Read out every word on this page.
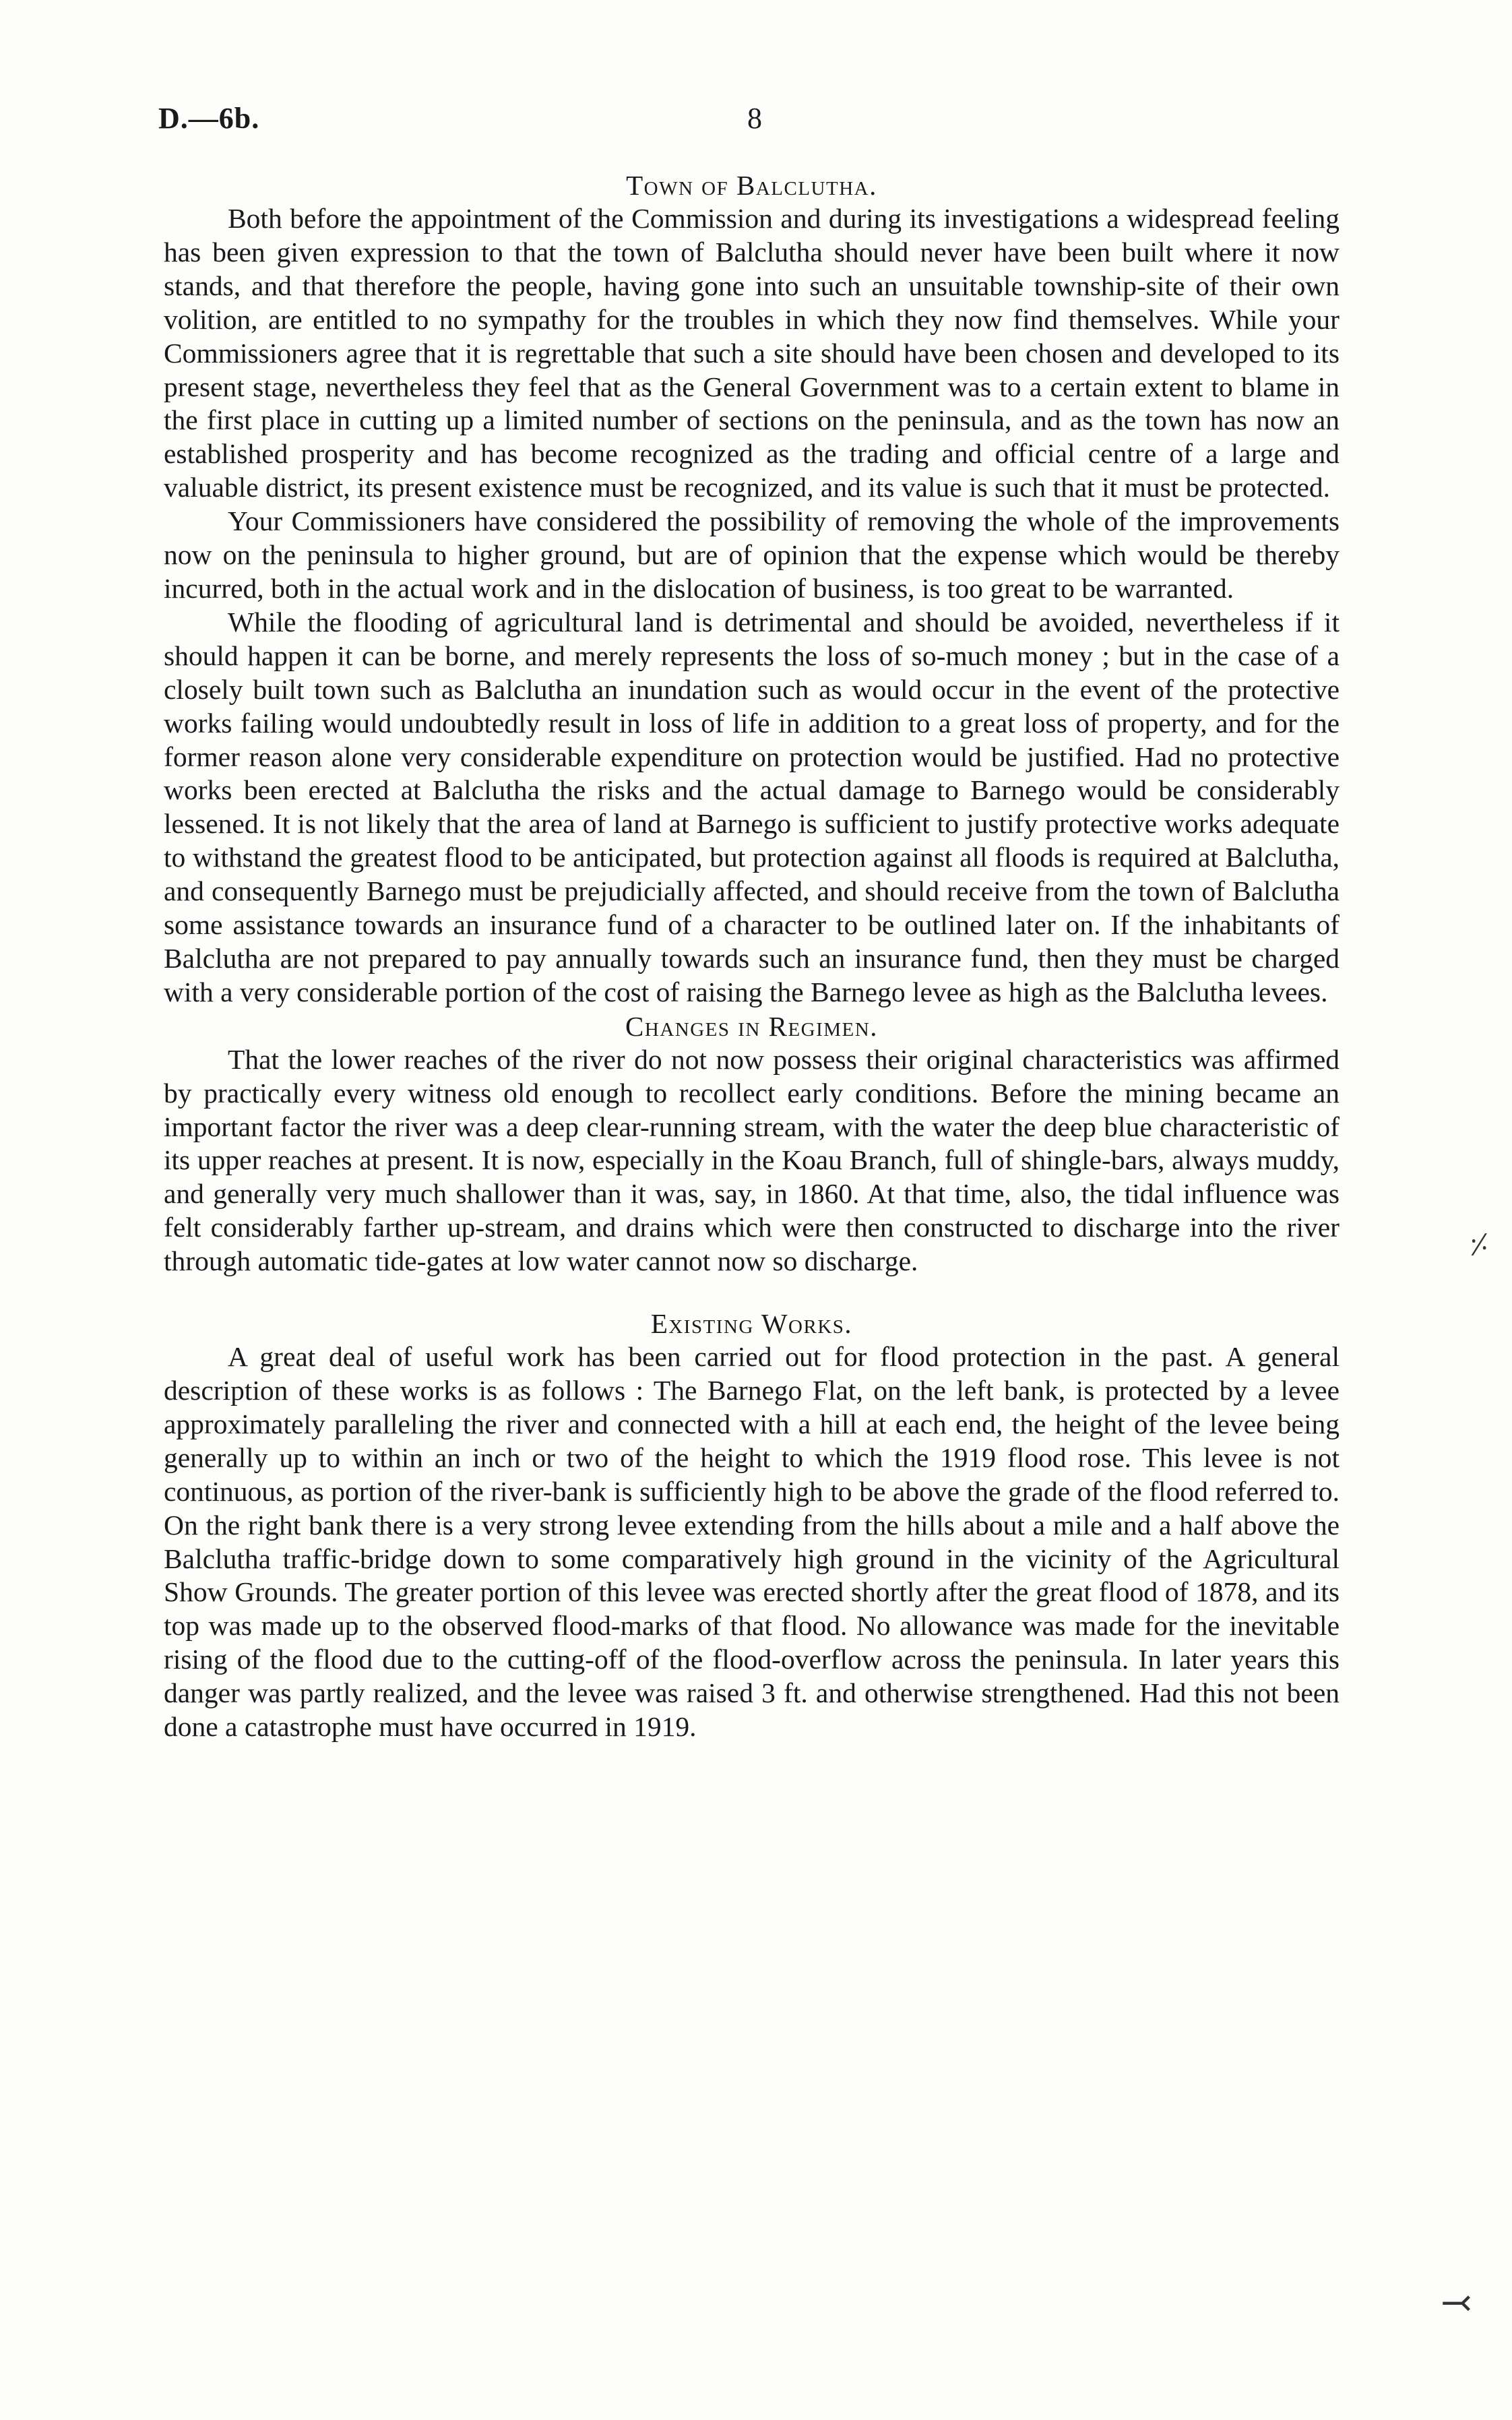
8
D.—6b.
Town of Balclutha.

Both before the appointment of the Commission and during its investigations a widespread feeling has been given expression to that the town of Balclutha should never have been built where it now stands, and that therefore the people, having gone into such an unsuitable township-site of their own volition, are entitled to no sympathy for the troubles in which they now find themselves. While your Commissioners agree that it is regrettable that such a site should have been chosen and developed to its present stage, nevertheless they feel that as the General Government was to a certain extent to blame in the first place in cutting up a limited number of sections on the peninsula, and as the town has now an established prosperity and has become recognized as the trading and official centre of a large and valuable district, its present existence must be recognized, and its value is such that it must be protected.

Your Commissioners have considered the possibility of removing the whole of the improvements now on the peninsula to higher ground, but are of opinion that the expense which would be thereby incurred, both in the actual work and in the dislocation of business, is too great to be warranted.

While the flooding of agricultural land is detrimental and should be avoided, nevertheless if it should happen it can be borne, and merely represents the loss of so-much money ; but in the case of a closely built town such as Balclutha an inundation such as would occur in the event of the protective works failing would undoubtedly result in loss of life in addition to a great loss of property, and for the former reason alone very considerable expenditure on protection would be justified. Had no protective works been erected at Balclutha the risks and the actual damage to Barnego would be considerably lessened. It is not likely that the area of land at Barnego is sufficient to justify protective works adequate to withstand the greatest flood to be anticipated, but protection against all floods is required at Balclutha, and consequently Barnego must be prejudicially affected, and should receive from the town of Balclutha some assistance towards an insurance fund of a character to be outlined later on. If the inhabitants of Balclutha are not prepared to pay annually towards such an insurance fund, then they must be charged with a very considerable portion of the cost of raising the Barnego levee as high as the Balclutha levees.

Changes in Regimen.

That the lower reaches of the river do not now possess their original characteristics was affirmed by practically every witness old enough to recollect early conditions. Before the mining became an important factor the river was a deep clear-running stream, with the water the deep blue characteristic of its upper reaches at present. It is now, especially in the Koau Branch, full of shingle-bars, always muddy, and generally very much shallower than it was, say, in 1860. At that time, also, the tidal influence was felt considerably farther up-stream, and drains which were then constructed to discharge into the river through automatic tide-gates at low water cannot now so discharge.

Existing Works.

A great deal of useful work has been carried out for flood protection in the past. A general description of these works is as follows : The Barnego Flat, on the left bank, is protected by a levee approximately paralleling the river and connected with a hill at each end, the height of the levee being generally up to within an inch or two of the height to which the 1919 flood rose. This levee is not continuous, as portion of the river-bank is sufficiently high to be above the grade of the flood referred to. On the right bank there is a very strong levee extending from the hills about a mile and a half above the Balclutha traffic-bridge down to some comparatively high ground in the vicinity of the Agricultural Show Grounds. The greater portion of this levee was erected shortly after the great flood of 1878, and its top was made up to the observed flood-marks of that flood. No allowance was made for the inevitable rising of the flood due to the cutting-off of the flood-overflow across the peninsula. In later years this danger was partly realized, and the levee was raised 3 ft. and otherwise strengthened. Had this not been done a catastrophe must have occurred in 1919.

⸓
⤙
